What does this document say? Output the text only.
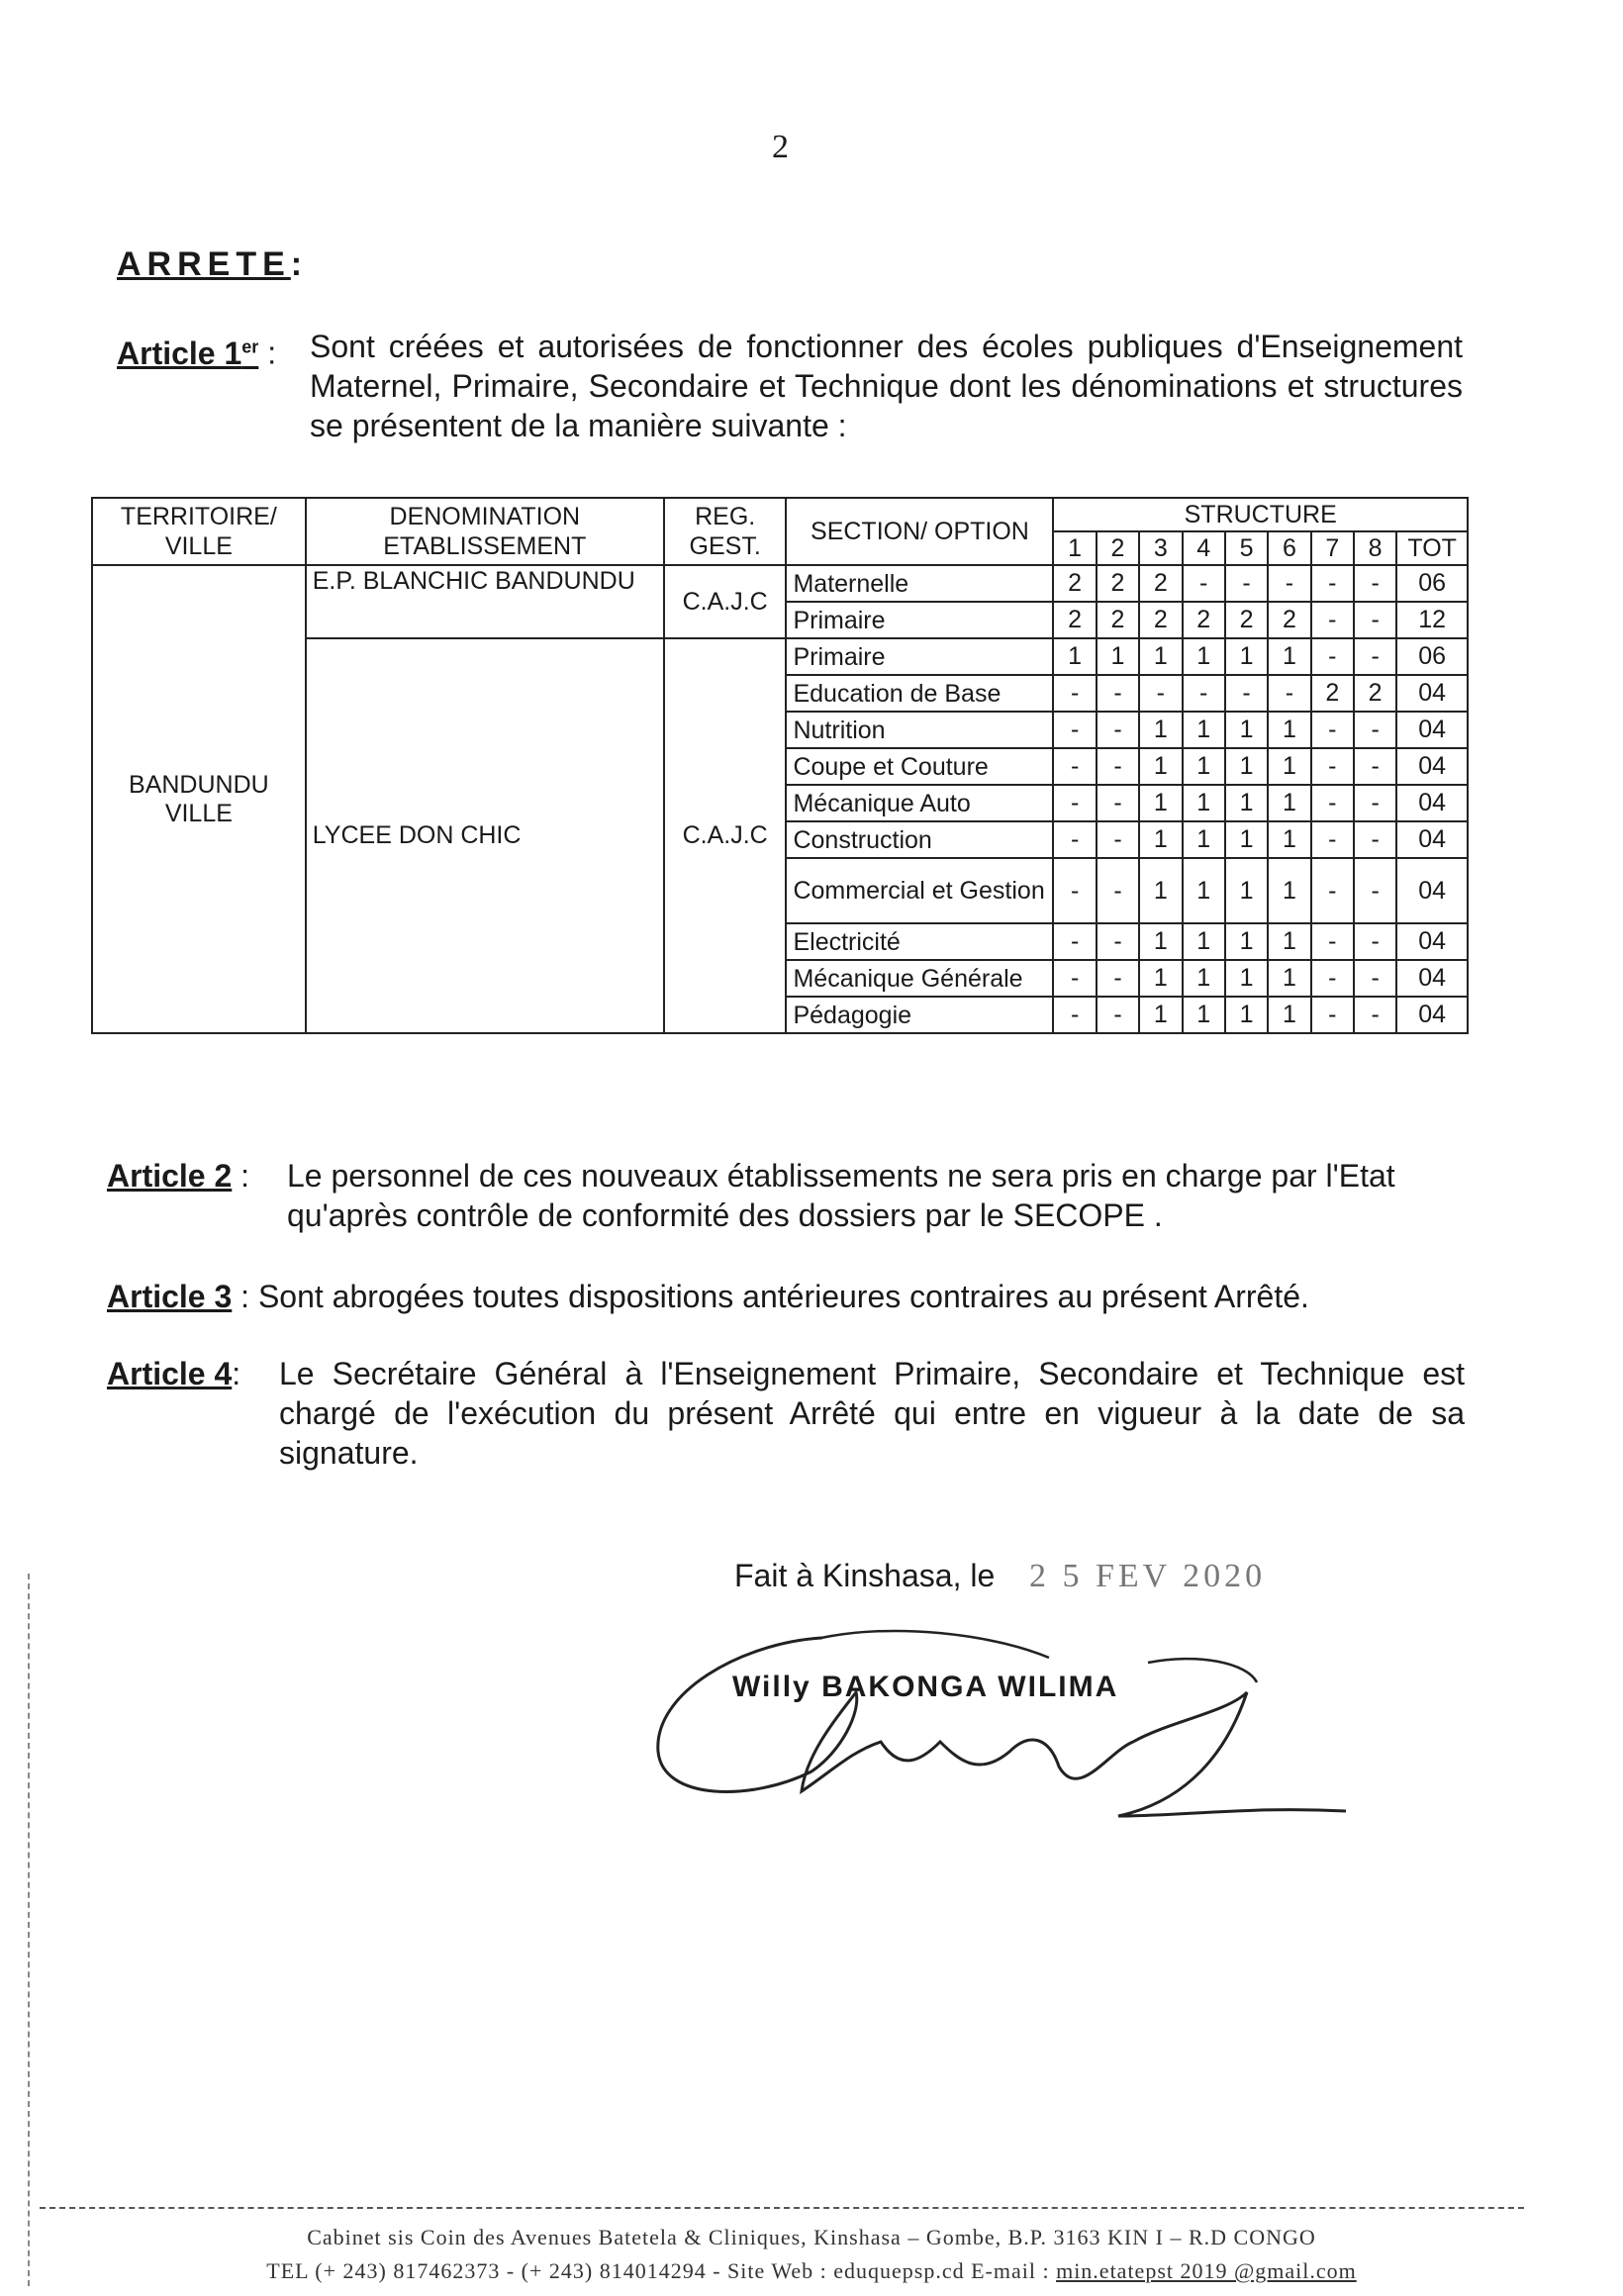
2
ARRETE:
Article 1er : Sont créées et autorisées de fonctionner des écoles publiques d'Enseignement Maternel, Primaire, Secondaire et Technique dont les dénominations et structures se présentent de la manière suivante :
TERRITOIRE/ VILLE	DENOMINATION ETABLISSEMENT	REG. GEST.	SECTION/ OPTION	STRUCTURE								
				1	2	3	4	5	6	7	8	TOT
BANDUNDU VILLE	E.P. BLANCHIC BANDUNDU	C.A.J.C	Maternelle	2	2	2	-	-	-	-	-	06
			Primaire	2	2	2	2	2	2	-	-	12
	LYCEE DON CHIC	C.A.J.C	Primaire	1	1	1	1	1	1	-	-	06
			Education de Base	-	-	-	-	-	-	2	2	04
			Nutrition	-	-	1	1	1	1	-	-	04
			Coupe et Couture	-	-	1	1	1	1	-	-	04
			Mécanique Auto	-	-	1	1	1	1	-	-	04
			Construction	-	-	1	1	1	1	-	-	04
			Commercial et Gestion	-	-	1	1	1	1	-	-	04
			Electricité	-	-	1	1	1	1	-	-	04
			Mécanique Générale	-	-	1	1	1	1	-	-	04
			Pédagogie	-	-	1	1	1	1	-	-	04
Article 2 : Le personnel de ces nouveaux établissements ne sera pris en charge par l'Etat qu'après contrôle de conformité des dossiers par le SECOPE .
Article 3 : Sont abrogées toutes dispositions antérieures contraires au présent Arrêté.
Article 4: Le Secrétaire Général à l'Enseignement Primaire, Secondaire et Technique est chargé de l'exécution du présent Arrêté qui entre en vigueur à la date de sa signature.
Fait à Kinshasa, le 2 5 FEV 2020
Willy BAKONGA WILIMA
Cabinet sis Coin des Avenues Batetela & Cliniques, Kinshasa – Gombe, B.P. 3163 KIN I – R.D CONGO
TEL (+ 243) 817462373 - (+ 243) 814014294 - Site Web : eduquepsp.cd E-mail : min.etatepst 2019 @gmail.com
